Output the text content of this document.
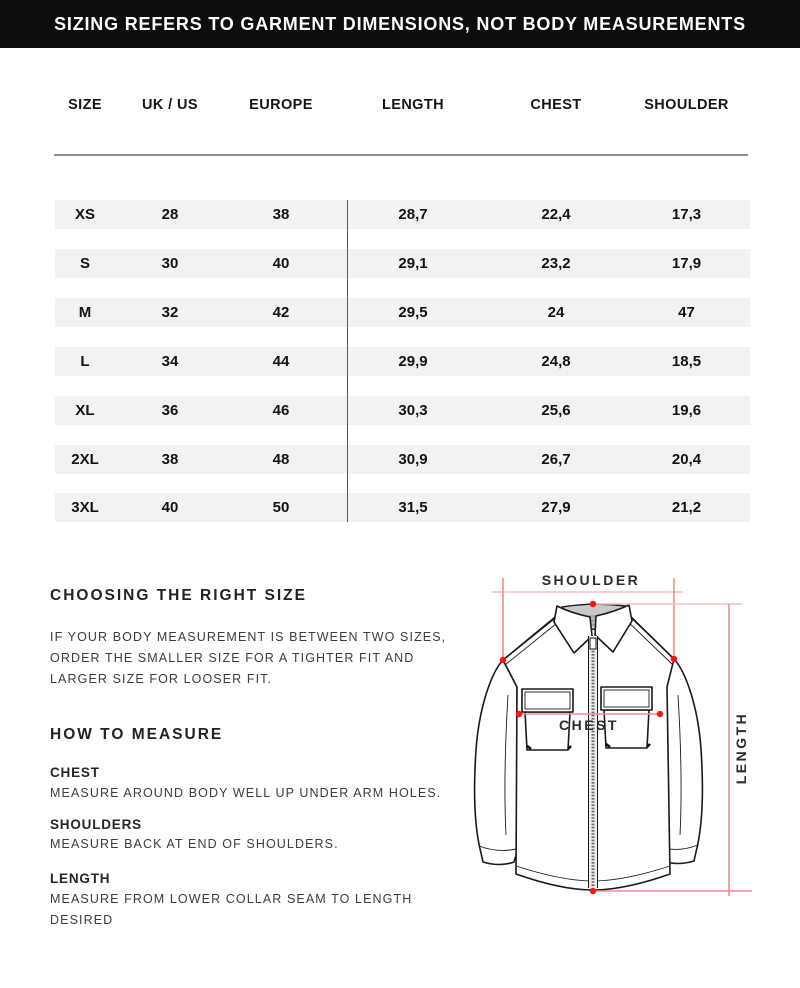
SIZING REFERS TO GARMENT DIMENSIONS, NOT BODY MEASUREMENTS
SIZE	UK / US	EUROPE	LENGTH	CHEST	SHOULDER
XS	28	38	28,7	22,4	17,3
S	30	40	29,1	23,2	17,9
M	32	42	29,5	24	47
L	34	44	29,9	24,8	18,5
XL	36	46	30,3	25,6	19,6
2XL	38	48	30,9	26,7	20,4
3XL	40	50	31,5	27,9	21,2
CHOOSING THE RIGHT SIZE
IF YOUR BODY MEASUREMENT IS BETWEEN TWO SIZES,
ORDER THE SMALLER SIZE FOR A TIGHTER FIT AND
LARGER SIZE FOR LOOSER FIT.
HOW TO MEASURE
CHEST
MEASURE AROUND BODY WELL UP UNDER ARM HOLES.
SHOULDERS
MEASURE BACK AT END OF SHOULDERS.
LENGTH
MEASURE FROM LOWER COLLAR SEAM TO LENGTH
DESIRED
SHOULDER
CHEST	LENGTH
